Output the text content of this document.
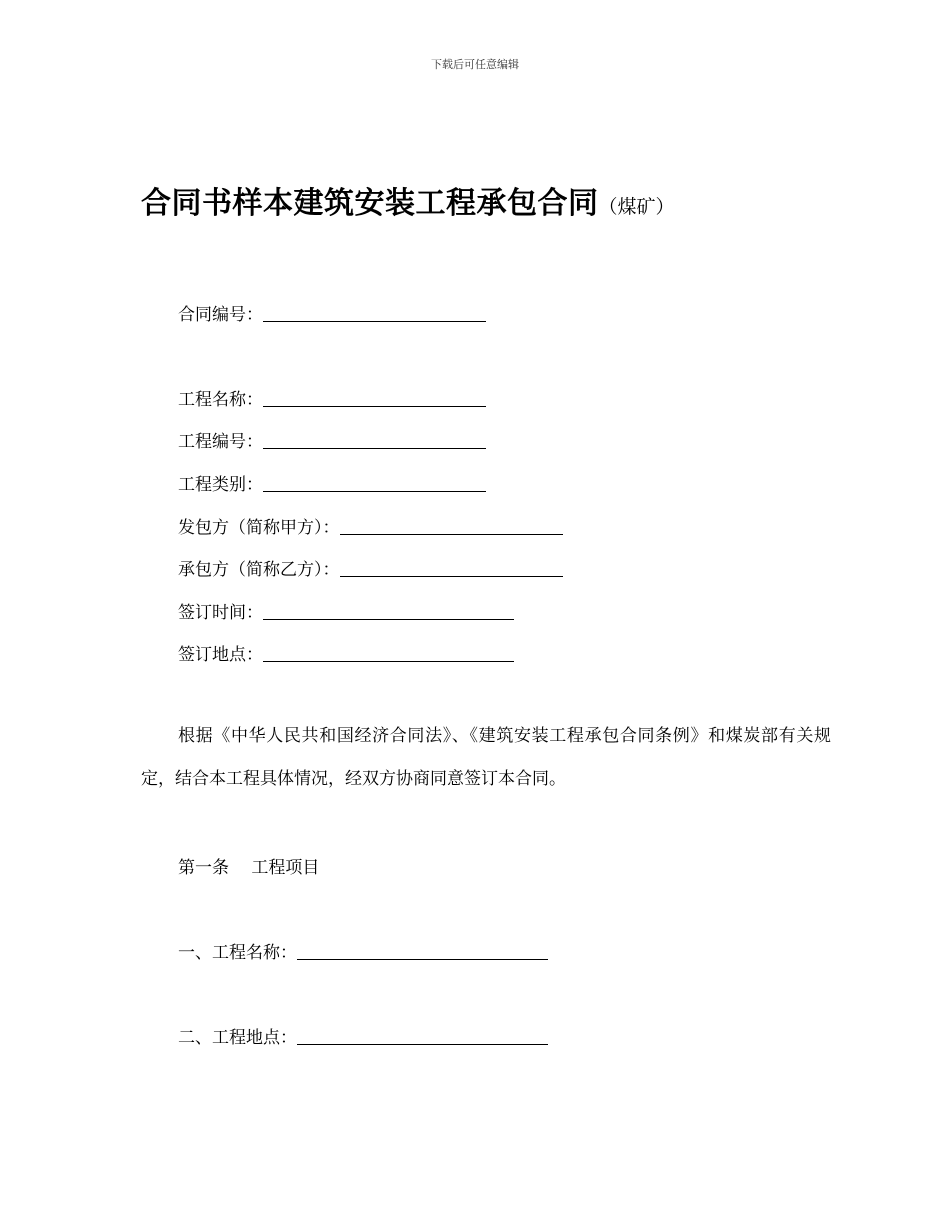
下载后可任意编辑
合同书样本建筑安装工程承包合同（煤矿）
合同编号：
工程名称：
工程编号：
工程类别：
发包方（简称甲方）：
承包方（简称乙方）：
签订时间：
签订地点：
根据《中华人民共和国经济合同法》、《建筑安装工程承包合同条例》和煤炭部有关规定，结合本工程具体情况，经双方协商同意签订本合同。
第一条　 工程项目
一、工程名称：
二、工程地点：
